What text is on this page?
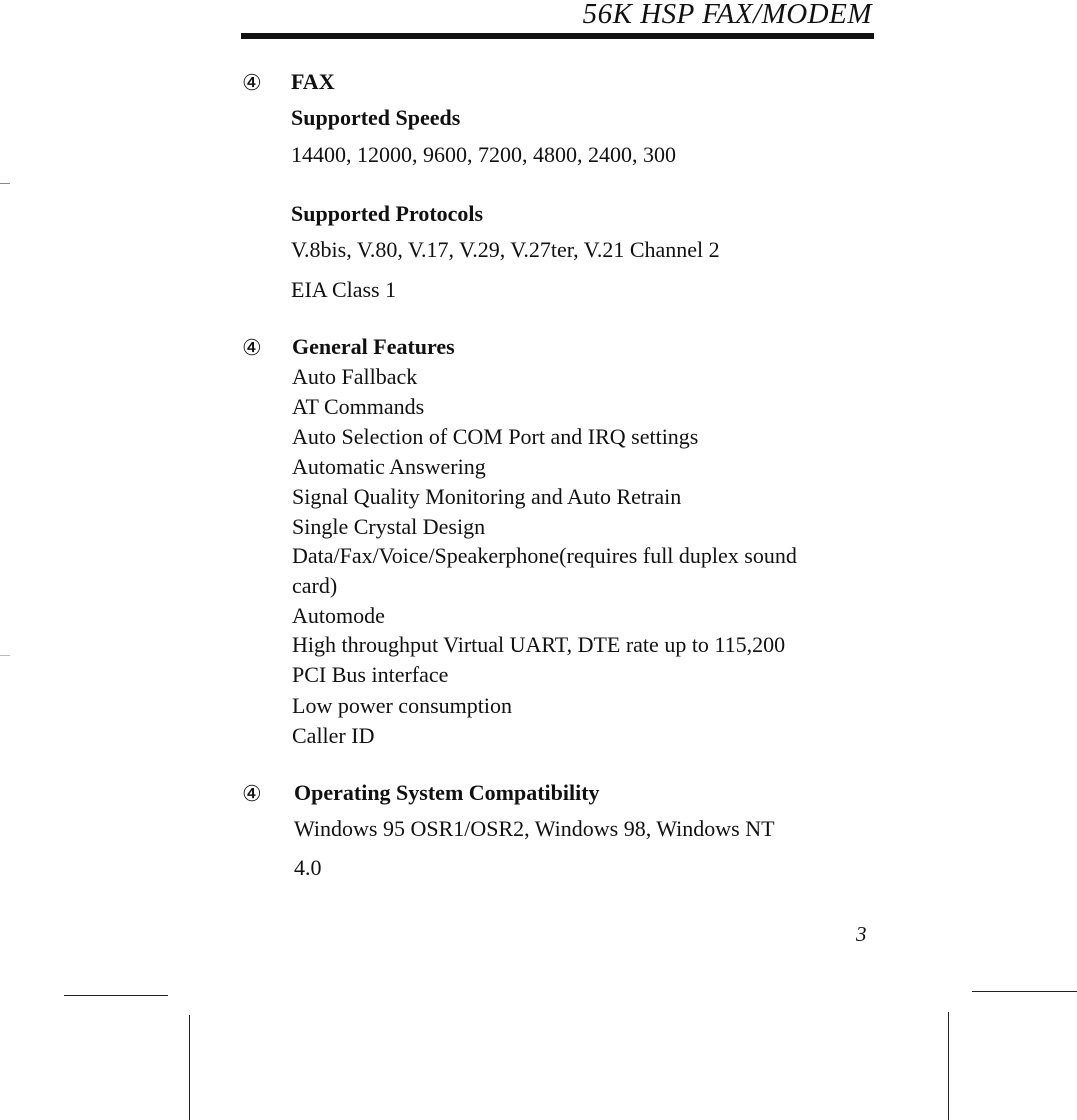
56K HSP FAX/MODEM
④ FAX
Supported Speeds
14400, 12000, 9600, 7200, 4800, 2400, 300
Supported Protocols
V.8bis, V.80, V.17, V.29, V.27ter, V.21 Channel 2
EIA Class 1
④ General Features
Auto Fallback
AT Commands
Auto Selection of COM Port and IRQ settings
Automatic Answering
Signal Quality Monitoring and Auto Retrain
Single Crystal Design
Data/Fax/Voice/Speakerphone(requires full duplex sound
card)
Automode
High throughput Virtual UART, DTE rate up to 115,200
PCI Bus interface
Low power consumption
Caller ID
④ Operating System Compatibility
Windows 95 OSR1/OSR2, Windows 98, Windows NT
4.0
3
